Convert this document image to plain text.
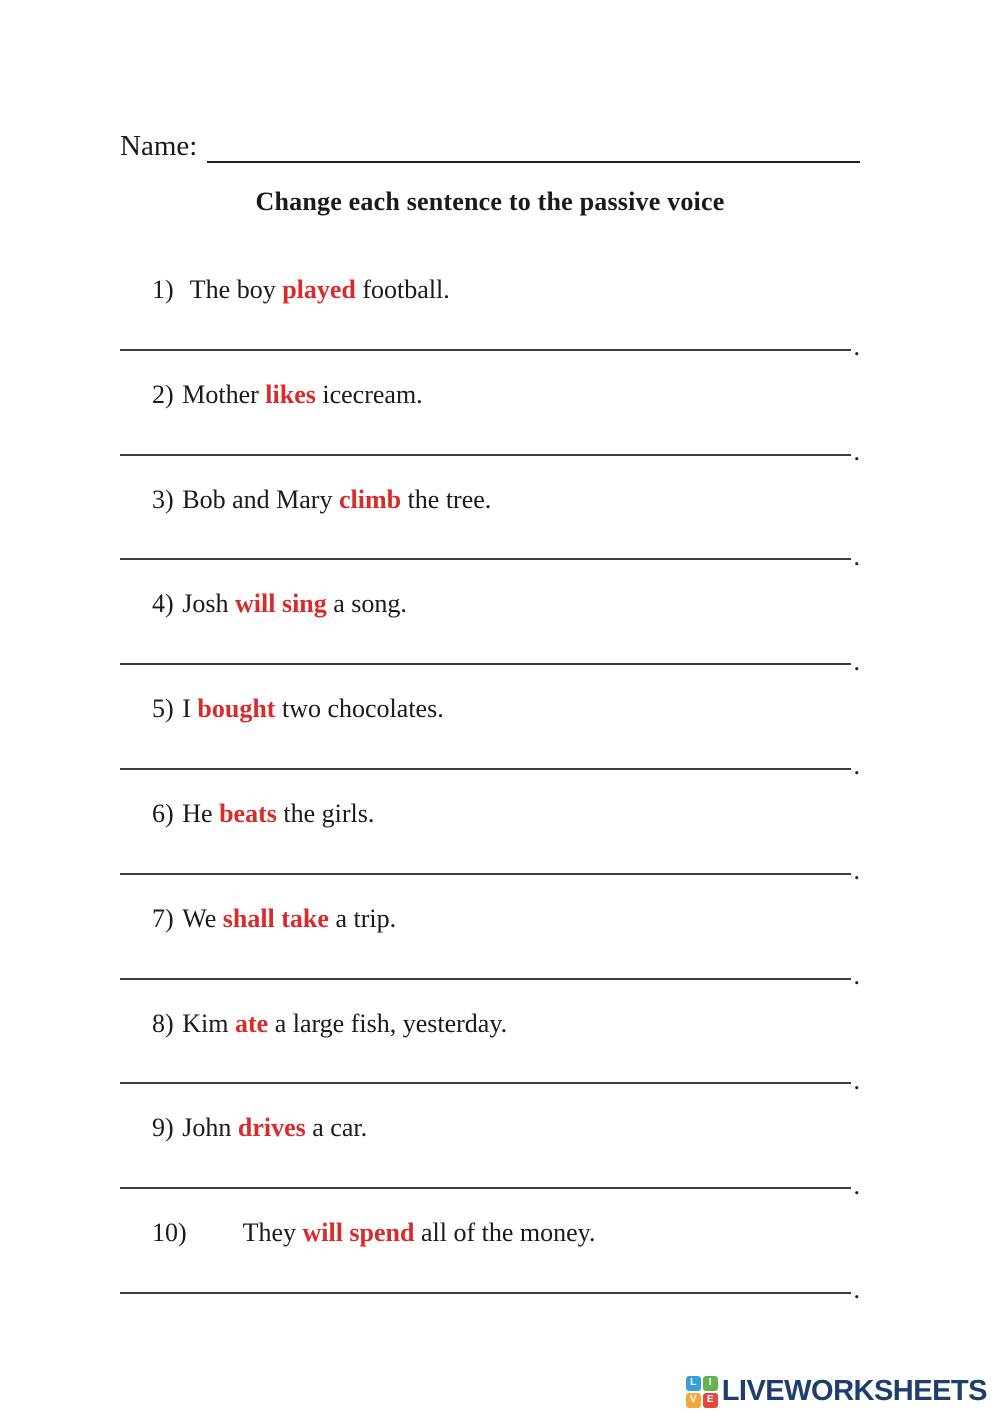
Name:
Change each sentence to the passive voice

1) The boy played football.

.

2) Mother likes icecream.

.

3) Bob and Mary climb the tree.

.

4) Josh will sing a song.

.

5) I bought two chocolates.

.

6) He beats the girls.

.

7) We shall take a trip.

.

8) Kim ate a large fish, yesterday.

.

9) John drives a car.

.

10) They will spend all of the money.

.
L	I
V	E LIVEWORKSHEETS
